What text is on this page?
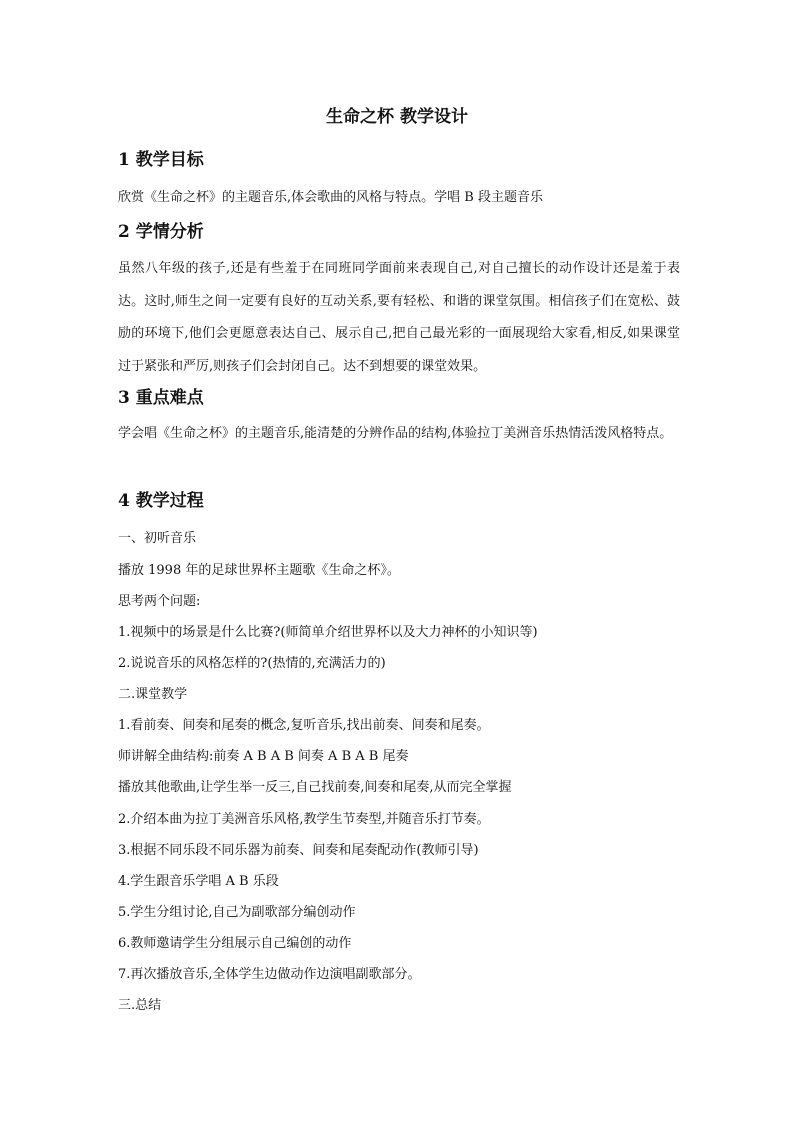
生命之杯 教学设计
1 教学目标
欣赏《生命之杯》的主题音乐,体会歌曲的风格与特点。学唱 B 段主题音乐
2 学情分析
虽然八年级的孩子,还是有些羞于在同班同学面前来表现自己,对自己擅长的动作设计还是羞于表达。这时,师生之间一定要有良好的互动关系,要有轻松、和谐的课堂氛围。相信孩子们在宽松、鼓励的环境下,他们会更愿意表达自己、展示自己,把自己最光彩的一面展现给大家看,相反,如果课堂过于紧张和严厉,则孩子们会封闭自己。达不到想要的课堂效果。
3 重点难点
学会唱《生命之杯》的主题音乐,能清楚的分辨作品的结构,体验拉丁美洲音乐热情活泼风格特点。
4 教学过程
一、初听音乐
播放 1998 年的足球世界杯主题歌《生命之杯》。
思考两个问题:
1.视频中的场景是什么比赛?(师简单介绍世界杯以及大力神杯的小知识等)
2.说说音乐的风格怎样的?(热情的,充满活力的)
二.课堂教学
1.看前奏、间奏和尾奏的概念,复听音乐,找出前奏、间奏和尾奏。
师讲解全曲结构:前奏 A B A B 间奏 A B A B 尾奏
播放其他歌曲,让学生举一反三,自己找前奏,间奏和尾奏,从而完全掌握
2.介绍本曲为拉丁美洲音乐风格,教学生节奏型,并随音乐打节奏。
3.根据不同乐段不同乐器为前奏、间奏和尾奏配动作(教师引导)
4.学生跟音乐学唱 A B 乐段
5.学生分组讨论,自己为副歌部分编创动作
6.教师邀请学生分组展示自己编创的动作
7.再次播放音乐,全体学生边做动作边演唱副歌部分。
三.总结
